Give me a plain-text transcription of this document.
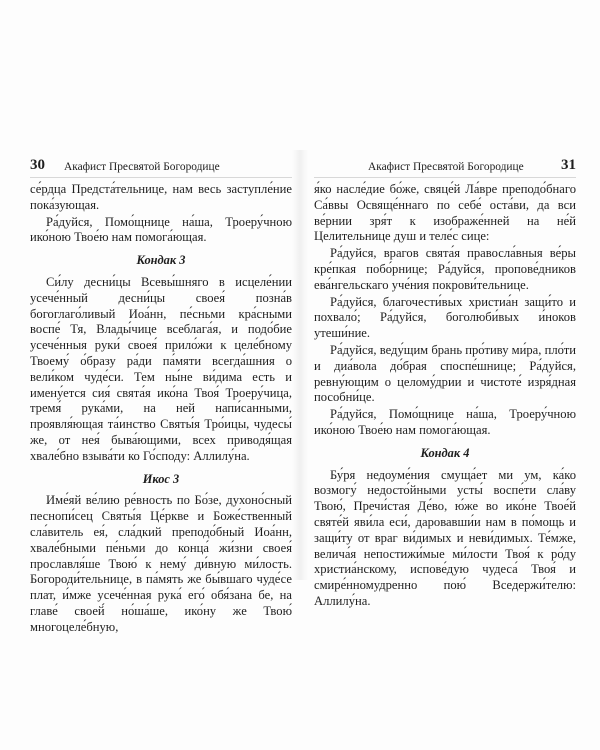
30 Акафист Пресвятой Богородице

се́рдца Предста́тельнице, нам весь заступле́ние пока́зующая.

Ра́дуйся, Помо́щнице на́ша, Троеру́чною ико́ною Твое́ю нам помога́ющая.

Кондак 3

Си́лу десни́цы Всевы́шняго в исцеле́нии усече́нный десни́цы своея́ позна́в богоглаго́ливый Иоа́нн, пе́сньми кра́сными воспе́ Тя, Влады́чице всеблага́я, и подо́бие усече́нныя руки́ своея́ прило́жи к целе́бному Твоему́ о́бразу ра́ди па́мяти всегда́шния о вели́ком чуде́си. Тем ны́не ви́дима есть и имену́ется сия́ свята́я ико́на Твоя́ Троеру́чица, тремя́ рука́ми, на ней напи́санными, проявля́ющая та́инство Святы́я Тро́ицы, чудесы́ же, от нея́ быва́ющими, всех приводя́щая хвале́бно взыва́ти ко Го́споду: Аллилу́на.

Икос 3

Име́яй ве́лию ре́вность по Бо́зе, духоно́сный песнопи́сец Святы́я Це́ркве и Боже́ственный сла́витель ея́, сла́дкий преподо́бный Иоа́нн, хвале́бными пе́ньми до конца́ жи́зни своея́ прославля́ше Твою́ к нему́ ди́вную ми́лость. Богороди́тельнице, в па́мять же бы́вшаго чуде́се плат, и́мже усече́нная рука́ его́ обя́зана бе, на главе́ своей́ но́ша́ше, ико́ну же Твою́ многоцеле́бную,

Акафист Пресвятой Богородице 31

я́ко насле́дие бо́же, свяце́й Ла́вре преподо́бнаго Са́ввы Освяще́ннаго по себе́ оста́ви, да вси ве́рнии зря́т к изображе́нней на не́й Целительнице душ и теле́с сице:

Ра́дуйся, врагов свята́я правосла́вныя ве́ры кре́пкая побо́рнице; Ра́дуйся, пропове́дников ева́нгельскаго уче́ния покрови́тельнице.

Ра́дуйся, благочести́вых христиа́н защи́то и похвало́; Ра́дуйся, боголюби́вых и́ноков утеши́ние.

Ра́дуйся, веду́щим брань про́тиву ми́ра, пло́ти и диа́вола до́брая споспе́шнице; Ра́дуйся, ревну́ющим о целому́дрии и чистоте́ изря́дная пособни́це.

Ра́дуйся, Помо́щнице на́ша, Троеру́чною ико́ною Твое́ю нам помога́ющая.

Кондак 4

Бу́ря недоуме́ния смуща́ет ми ум, ка́ко возмогу́ недосто́йными усты́ воспе́ти сла́ву Твою́, Пречи́стая Де́во, ю́же во ико́не Твое́й святе́й яви́ла еси́, даровавши́и нам в по́мощь и защи́ту от враг ви́димых и неви́димых. Те́мже, велича́я непостижи́мые ми́лости Твоя́ к ро́ду христиа́нскому, испове́дую чудеса́ Твоя́ и смире́нномудренно пою́ Вседержи́телю: Аллилу́на.
